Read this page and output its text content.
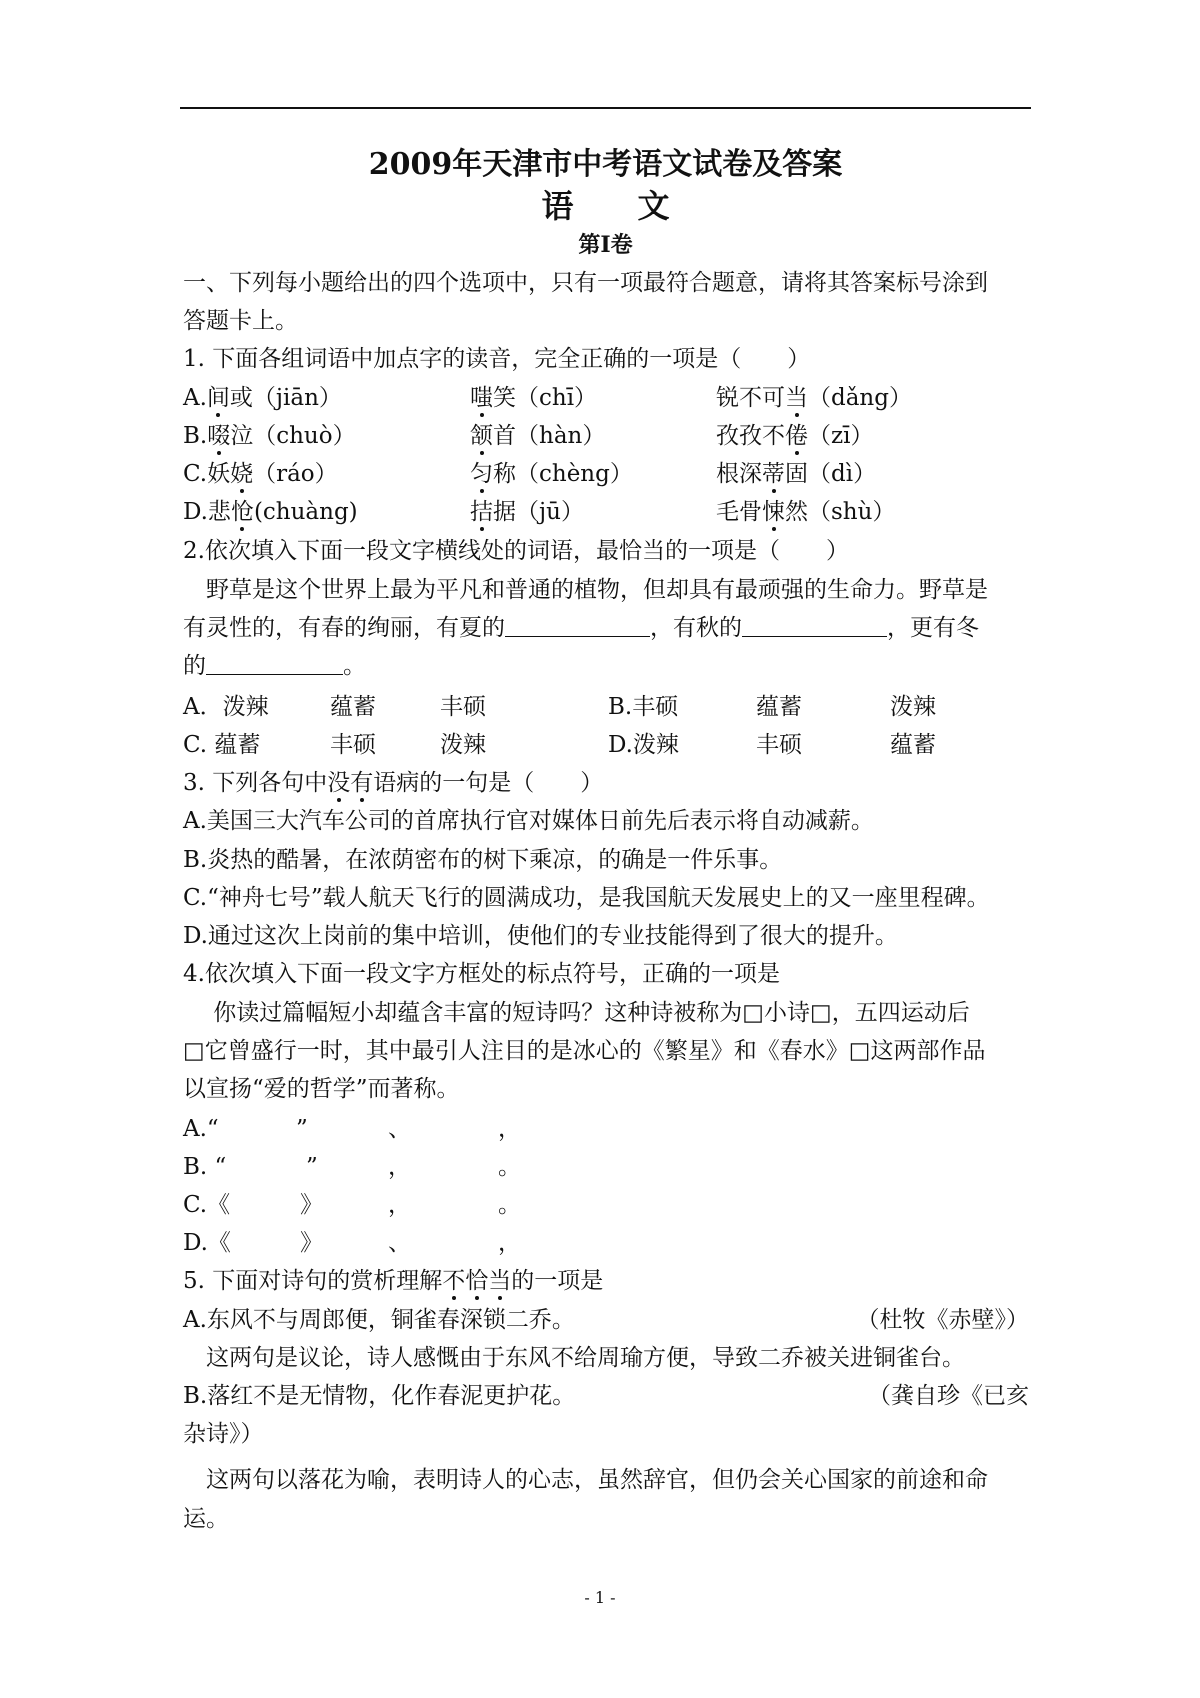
2009年天津市中考语文试卷及答案
语　　文
第Ⅰ卷
一、下列每小题给出的四个选项中，只有一项最符合题意，请将其答案标号涂到
答题卡上。
1. 下面各组词语中加点字的读音，完全正确的一项是（　　）
A.间或（jiān）	嗤笑（chī）	锐不可当（dǎng）
B.啜泣（chuò）	颔首（hàn）	孜孜不倦（zī）
C.妖娆（ráo）	匀称（chèng）	根深蒂固（dì）
D.悲怆(chuàng)	拮据（jū）	毛骨悚然（shù）
2.依次填入下面一段文字横线处的词语，最恰当的一项是（　　）
　野草是这个世界上最为平凡和普通的植物，但却具有最顽强的生命力。野草是
有灵性的，有春的绚丽，有夏的	，有秋的	，更有冬
的	。
A．泼辣	蕴蓄	丰硕	B.丰硕	蕴蓄	泼辣
C. 蕴蓄	丰硕	泼辣	D.泼辣	丰硕	蕴蓄
3. 下列各句中没有语病的一句是（　　）
A.美国三大汽车公司的首席执行官对媒体日前先后表示将自动减薪。
B.炎热的酷暑，在浓荫密布的树下乘凉，的确是一件乐事。
C.“神舟七号”载人航天飞行的圆满成功，是我国航天发展史上的又一座里程碑。
D.通过这次上岗前的集中培训，使他们的专业技能得到了很大的提升。
4.依次填入下面一段文字方框处的标点符号，正确的一项是
　 你读过篇幅短小却蕴含丰富的短诗吗？这种诗被称为□小诗□，五四运动后
□它曾盛行一时，其中最引人注目的是冰心的《繁星》和《春水》□这两部作品
以宣扬“爱的哲学”而著称。
A.“	”	、	，
B. “	”	，	。
C.《	》	，	。
D.《	》	、	，
5. 下面对诗句的赏析理解不恰当的一项是
A.东风不与周郎便，铜雀春深锁二乔。	（杜牧《赤壁》）
　这两句是议论，诗人感慨由于东风不给周瑜方便，导致二乔被关进铜雀台。
B.落红不是无情物，化作春泥更护花。	（龚自珍《已亥
杂诗》）
　这两句以落花为喻，表明诗人的心志，虽然辞官，但仍会关心国家的前途和命
运。
- 1 -
